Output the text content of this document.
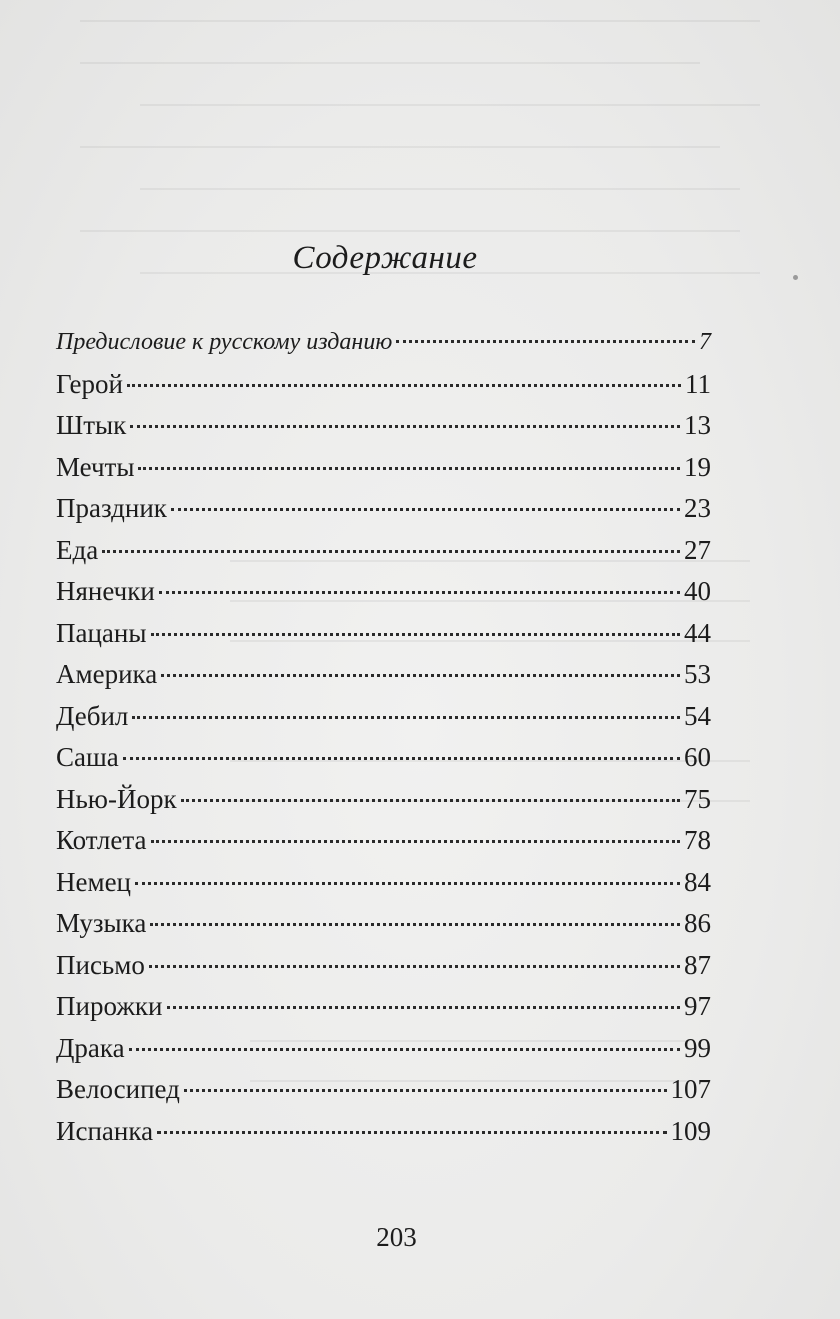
Содержание
Предисловие к русскому изданию	7
Герой	11
Штык	13
Мечты	19
Праздник	23
Еда	27
Нянечки	40
Пацаны	44
Америка	53
Дебил	54
Саша	60
Нью-Йорк	75
Котлета	78
Немец	84
Музыка	86
Письмо	87
Пирожки	97
Драка	99
Велосипед	107
Испанка	109
203
